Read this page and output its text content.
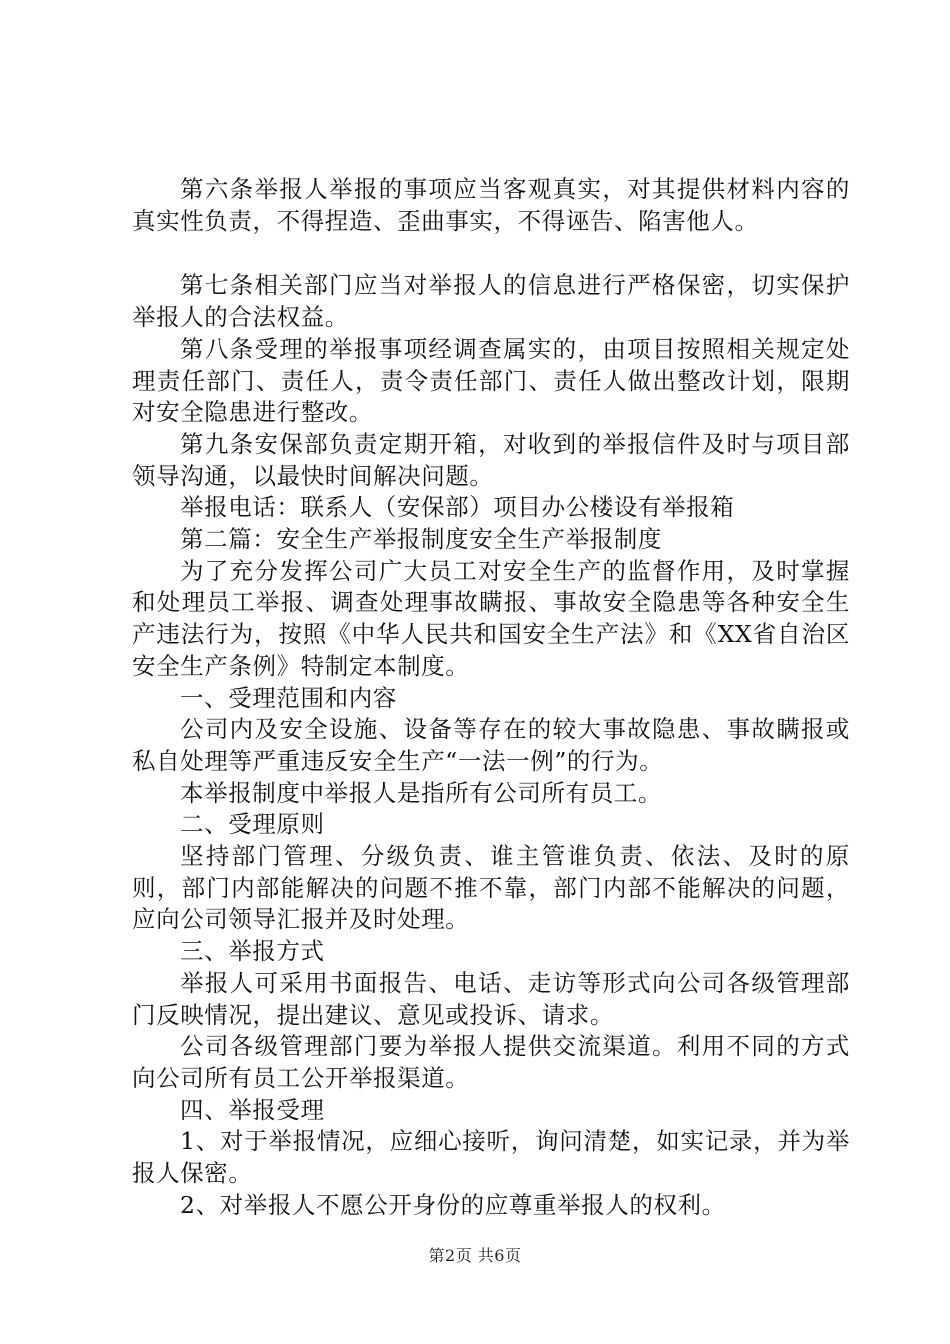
第六条举报人举报的事项应当客观真实，对其提供材料内容的真实性负责，不得捏造、歪曲事实，不得诬告、陷害他人。

第七条相关部门应当对举报人的信息进行严格保密，切实保护举报人的合法权益。

第八条受理的举报事项经调查属实的，由项目按照相关规定处理责任部门、责任人，责令责任部门、责任人做出整改计划，限期对安全隐患进行整改。

第九条安保部负责定期开箱，对收到的举报信件及时与项目部领导沟通，以最快时间解决问题。

举报电话：联系人（安保部）项目办公楼设有举报箱

第二篇：安全生产举报制度安全生产举报制度

为了充分发挥公司广大员工对安全生产的监督作用，及时掌握和处理员工举报、调查处理事故瞒报、事故安全隐患等各种安全生产违法行为，按照《中华人民共和国安全生产法》和《XX省自治区安全生产条例》特制定本制度。

一、受理范围和内容

公司内及安全设施、设备等存在的较大事故隐患、事故瞒报或私自处理等严重违反安全生产“一法一例”的行为。

本举报制度中举报人是指所有公司所有员工。

二、受理原则

坚持部门管理、分级负责、谁主管谁负责、依法、及时的原则，部门内部能解决的问题不推不靠，部门内部不能解决的问题，应向公司领导汇报并及时处理。

三、举报方式

举报人可采用书面报告、电话、走访等形式向公司各级管理部门反映情况，提出建议、意见或投诉、请求。

公司各级管理部门要为举报人提供交流渠道。利用不同的方式向公司所有员工公开举报渠道。

四、举报受理

1、对于举报情况，应细心接听，询问清楚，如实记录，并为举报人保密。

2、对举报人不愿公开身份的应尊重举报人的权利。

第2页 共6页
